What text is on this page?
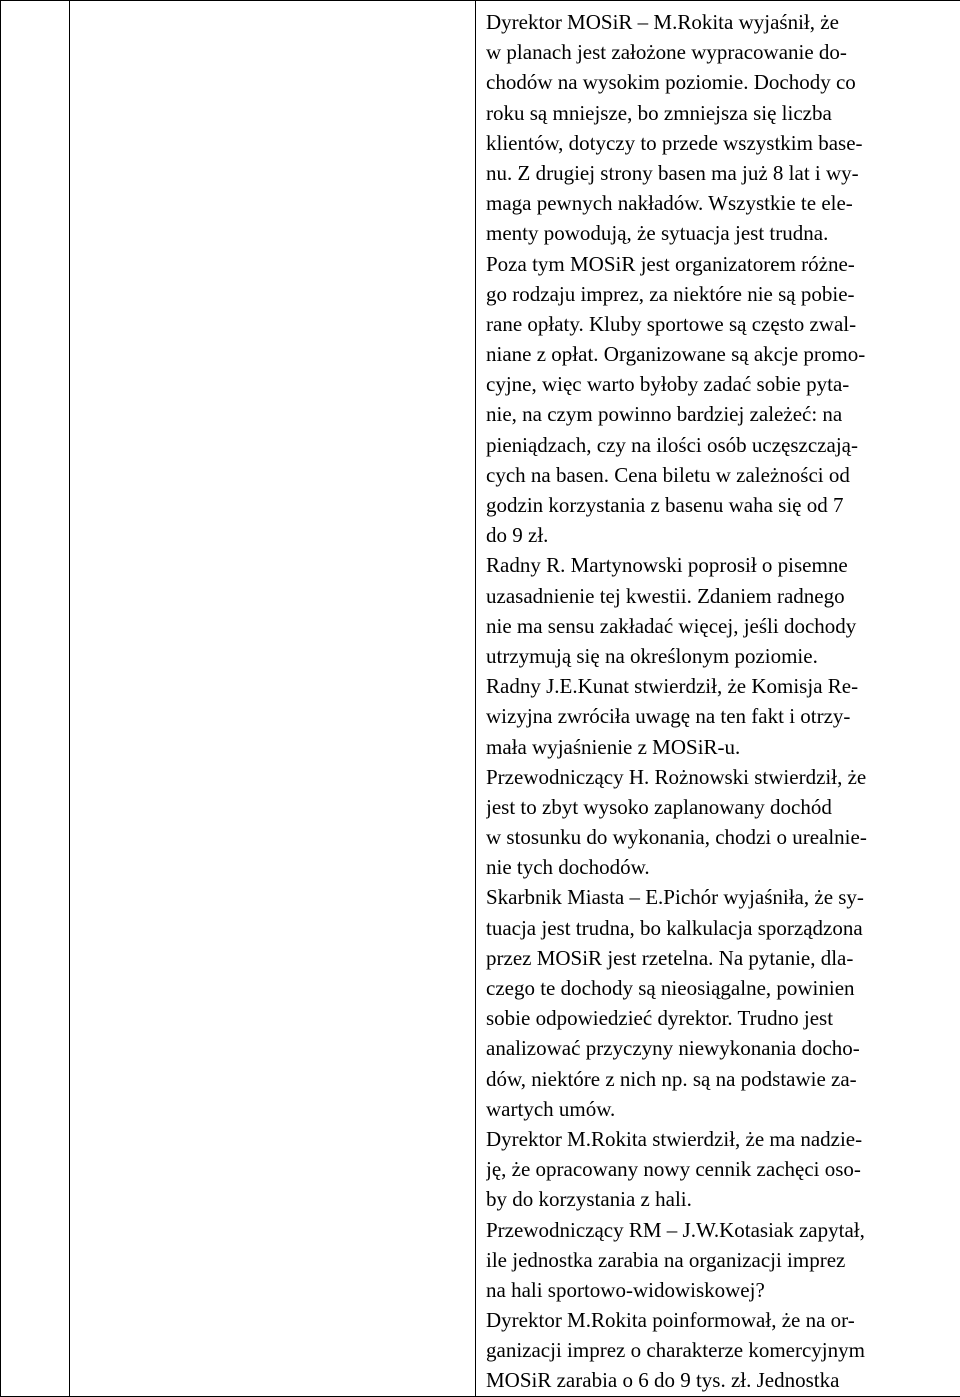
Dyrektor MOSiR – M.Rokita wyjaśnił, że
w planach jest założone wypracowanie do-
chodów na wysokim poziomie. Dochody co
roku są mniejsze, bo zmniejsza się liczba
klientów, dotyczy to przede wszystkim base-
nu. Z drugiej strony basen ma już 8 lat i wy-
maga pewnych nakładów. Wszystkie te ele-
menty powodują, że sytuacja jest trudna.
Poza tym MOSiR jest organizatorem różne-
go rodzaju imprez, za niektóre nie są pobie-
rane opłaty. Kluby sportowe są często zwal-
niane z opłat. Organizowane są akcje promo-
cyjne, więc warto byłoby zadać sobie pyta-
nie, na czym powinno bardziej zależeć: na
pieniądzach, czy na ilości osób uczęszczają-
cych na basen. Cena biletu w zależności od
godzin korzystania z basenu waha się od 7
do 9 zł.
Radny R. Martynowski poprosił o pisemne
uzasadnienie tej kwestii. Zdaniem radnego
nie ma sensu zakładać więcej, jeśli dochody
utrzymują się na określonym poziomie.
Radny J.E.Kunat stwierdził, że Komisja Re-
wizyjna zwróciła uwagę na ten fakt i otrzy-
mała wyjaśnienie z MOSiR-u.
Przewodniczący H. Rożnowski stwierdził, że
jest to zbyt wysoko zaplanowany dochód
w stosunku do wykonania, chodzi o urealnie-
nie tych dochodów.
Skarbnik Miasta – E.Pichór wyjaśniła, że sy-
tuacja jest trudna, bo kalkulacja sporządzona
przez MOSiR jest rzetelna. Na pytanie, dla-
czego te dochody są nieosiągalne, powinien
sobie odpowiedzieć dyrektor. Trudno jest
analizować przyczyny niewykonania docho-
dów, niektóre z nich np. są na podstawie za-
wartych umów.
Dyrektor M.Rokita stwierdził, że ma nadzie-
ję, że opracowany nowy cennik zachęci oso-
by do korzystania z hali.
Przewodniczący RM – J.W.Kotasiak zapytał,
ile jednostka zarabia na organizacji imprez
na hali sportowo-widowiskowej?
Dyrektor M.Rokita poinformował, że na or-
ganizacji imprez o charakterze komercyjnym
MOSiR zarabia o 6 do 9 tys. zł. Jednostka
